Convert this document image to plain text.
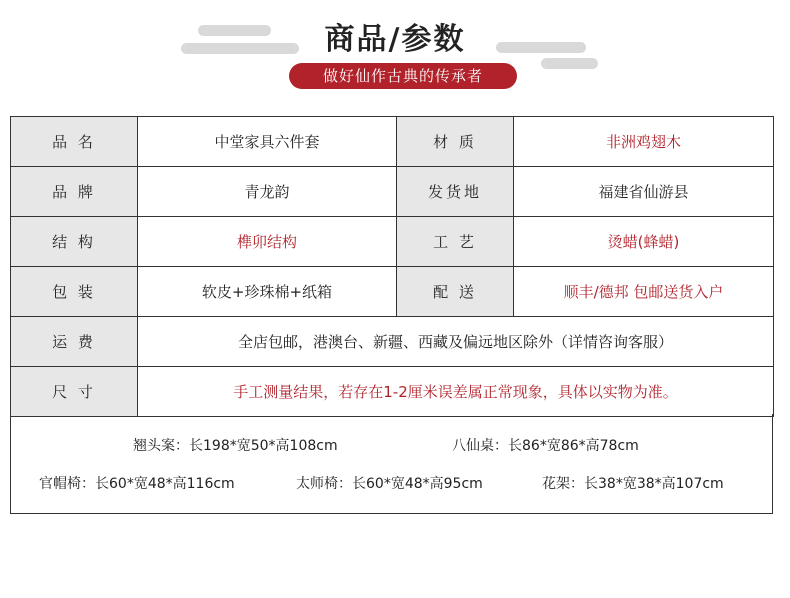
商品/参数
做好仙作古典的传承者
品 名	中堂家具六件套	材 质	非洲鸡翅木
品 牌	青龙韵	发货地	福建省仙游县
结 构	榫卯结构	工 艺	烫蜡(蜂蜡)
包 装	软皮+珍珠棉+纸箱	配 送	顺丰/德邦 包邮送货入户
运 费	全店包邮，港澳台、新疆、西藏及偏远地区除外（详情咨询客服）		
尺 寸	手工测量结果，若存在1-2厘米误差属正常现象，具体以实物为准。		
翘头案：长198*宽50*高108cm	八仙桌：长86*宽86*高78cm
官帽椅：长60*宽48*高116cm	太师椅：长60*宽48*高95cm	花架：长38*宽38*高107cm
